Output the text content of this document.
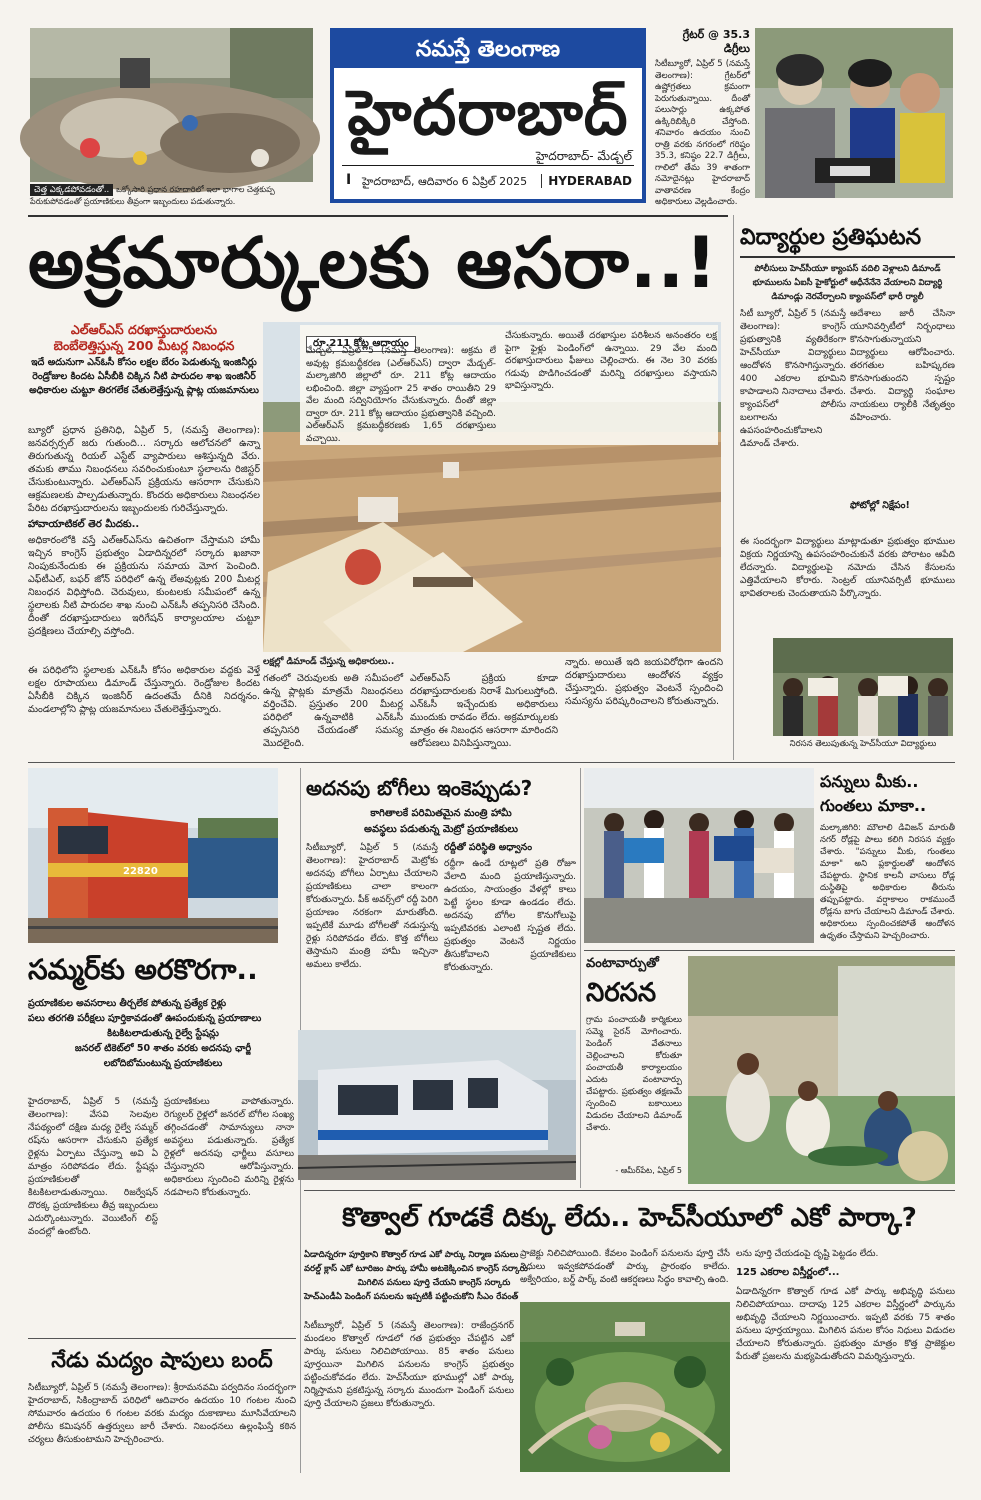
చెత్త ఎక్కడపోవడంతో.. ఒక్కోసారి ప్రధాన రహదారిలో ఇలా భాగాల చెత్తకుప్ప పేరుకుపోవడంతో ప్రయాణికులు తీవ్రంగా ఇబ్బందులు పడుతున్నారు.
నమస్తే తెలంగాణ
హైదరాబాద్
హైదరాబాద్- మేడ్చల్
I హైదరాబాద్, ఆదివారం 6 ఏప్రిల్ 2025	HYDERABAD
గ్రేటర్ @ 35.3 డిగ్రీలు
సిటీబ్యూరో, ఏప్రిల్ 5 (నమస్తే తెలంగాణ): గ్రేటర్‌లో ఉష్ణోగ్రతలు క్రమంగా పెరుగుతున్నాయి. దీంతో పలుసార్లు ఉక్కపోత ఉక్కిరిబిక్కిరి చేస్తోంది. శనివారం ఉదయం నుంచి రాత్రి వరకు నగరంలో గరిష్ఠం 35.3, కనిష్ఠం 22.7 డిగ్రీలు, గాలిలో తేమ 39 శాతంగా నమోదైనట్లు హైదరాబాద్ వాతావరణ కేంద్రం అధికారులు వెల్లడించారు.
అక్రమార్కులకు ఆసరా..!
ఎల్ఆర్ఎస్ దరఖాస్తుదారులను
బెంబేలెత్తిస్తున్న 200 మీటర్ల నిబంధన
ఇదే అదునుగా ఎన్ఓసీ కోసం లక్షల బేరం పెడుతున్న ఇంజినీర్లు
రెండ్రోజుల కిందట ఏసీబీకి చిక్కిన నీటి పారుదల శాఖ ఇంజినీర్
అధికారుల చుట్టూ తిరగలేక చేతులెత్తేస్తున్న ప్లాట్ల యజమానులు
బ్యూరో ప్రధాన ప్రతినిధి, ఏప్రిల్ 5, (నమస్తే తెలంగాణ): జనవర్సర్సల్ జరు గుతుంది... సర్కారు ఆలోచనలో ఉన్నా తిరుగుతున్న రియల్ ఎస్టేట్ వ్యాపారులు ఆశిస్తున్నది వేరు. తమకు తాము నిబంధనలు సవరించుకుంటూ స్థలాలను రిజిస్టర్ చేసుకుంటున్నారు. ఎల్ఆర్ఎస్ ప్రక్రియను ఆసరాగా చేసుకుని ఆక్రమణలకు పాల్పడుతున్నారు. కొందరు అధికారులు నిబంధనల పేరిట దరఖాస్తుదారులను ఇబ్బందులకు గురిచేస్తున్నారు.
హావాయాటికల్ తెర మీదకు..
అధికారంలోకి వస్తే ఎల్ఆర్ఎస్‌ను ఉచితంగా చేస్తామని హామీ ఇచ్చిన కాంగ్రెస్ ప్రభుత్వం ఏడాదిన్నరలో సర్కారు ఖజానా నింపుకునేందుకు ఈ ప్రక్రియను సమాయ మోగ పెంచింది. ఎఫ్‌టీఎల్, బఫర్ జోన్ పరిధిలో ఉన్న లేఅవుట్లకు 200 మీటర్ల నిబంధన విధిస్తోంది. చెరువులు, కుంటలకు సమీపంలో ఉన్న స్థలాలకు నీటి పారుదల శాఖ నుంచి ఎన్ఓసీ తప్పనిసరి చేసింది. దీంతో దరఖాస్తుదారులు ఇరిగేషన్ కార్యాలయాల చుట్టూ ప్రదక్షిణలు చేయాల్సి వస్తోంది.
ఈ పరిధిలోని స్థలాలకు ఎన్ఓసీ కోసం అధికారుల వద్దకు వెళ్తే లక్షల రూపాయలు డిమాండ్ చేస్తున్నారు. రెండ్రోజుల కిందట ఏసీబీకి చిక్కిన ఇంజినీర్ ఉదంతమే దీనికి నిదర్శనం. మండలాల్లోని ప్లాట్ల యజమానులు చేతులెత్తేస్తున్నారు.
రూ.211 కోట్ల ఆదాయం
మేడ్చల్, ఏప్రిల్ 5 (నమస్తే తెలంగాణ): అక్రమ లే అవుట్ల క్రమబద్ధీకరణ (ఎల్ఆర్ఎస్) ద్వారా మేడ్చల్-మల్కాజిగిరి జిల్లాలో రూ. 211 కోట్ల ఆదాయం లభించింది. జిల్లా వ్యాప్తంగా 25 శాతం రాయితీని 29 వేల మంది సద్వినియోగం చేసుకున్నారు. దీంతో జిల్లా ద్వారా రూ. 211 కోట్ల ఆదాయం ప్రభుత్వానికి వచ్చింది. ఎల్ఆర్ఎస్ క్రమబద్ధీకరణకు 1,65 దరఖాస్తులు వచ్చాయి.
చేసుకున్నారు. అయితే దరఖాస్తుల పరిశీలన అనంతరం లక్ష పైగా ఫైళ్లు పెండింగ్‌లో ఉన్నాయి. 29 వేల మంది దరఖాస్తుదారులు ఫీజులు చెల్లించారు. ఈ నెల 30 వరకు గడువు పొడిగించడంతో మరిన్ని దరఖాస్తులు వస్తాయని భావిస్తున్నారు.
లక్షల్లో డిమాండ్ చేస్తున్న అధికారులు..
గతంలో చెరువులకు అతి సమీపంలో ఉన్న ప్లాట్లకు మాత్రమే నిబంధనలు వర్తించేవి. ప్రస్తుతం 200 మీటర్ల పరిధిలో ఉన్నవాటికి ఎన్ఓసీ తప్పనిసరి చేయడంతో సమస్య మొదలైంది.
ఎల్ఆర్ఎస్ ప్రక్రియ కూడా దరఖాస్తుదారులకు నిరాశే మిగులుస్తోంది. ఎన్ఓసీ ఇచ్చేందుకు అధికారులు ముందుకు రావడం లేదు. అక్రమార్కులకు మాత్రం ఈ నిబంధన ఆసరాగా మారిందని ఆరోపణలు వినిపిస్తున్నాయి.
న్నారు. అయితే ఇది జయవిరోధిగా ఉందని దరఖాస్తుదారులు ఆందోళన వ్యక్తం చేస్తున్నారు. ప్రభుత్వం వెంటనే స్పందించి సమస్యను పరిష్కరించాలని కోరుతున్నారు.
విద్యార్థుల ప్రతిఘటన
పోలీసులు హెచ్‌సీయూ క్యాంపస్ వదిలి వెళ్లాలని డిమాండ్ భూములను ఏఐసీ హైకోర్టులో ఆధీనేనేనె వేయాలని విద్యార్థి డిమాండ్లు నెరవేర్చాలని క్యాంపస్‌లో భారీ ర్యాలీ
సిటీ బ్యూరో, ఏప్రిల్ 5 (నమస్తే తెలంగాణ): కాంగ్రెస్ ప్రభుత్వానికి వ్యతిరేకంగా హెచ్‌సీయూ విద్యార్థులు ఆందోళన కొనసాగిస్తున్నారు. 400 ఎకరాల భూమిని కాపాడాలని నినాదాలు చేశారు. క్యాంపస్‌లో పోలీసు బలగాలను ఉపసంహరించుకోవాలని డిమాండ్ చేశారు.
ఆదేశాలు జారీ చేసినా యూనివర్సిటీలో నిర్బంధాలు కొనసాగుతున్నాయని విద్యార్థులు ఆరోపించారు. తరగతుల బహిష్కరణ కొనసాగుతుందని స్పష్టం చేశారు. విద్యార్థి సంఘాల నాయకులు ర్యాలీకి నేతృత్వం వహించారు.
ఫోటోల్లో నిక్షేపం!
ఈ సందర్భంగా విద్యార్థులు మాట్లాడుతూ ప్రభుత్వం భూముల విక్రయ నిర్ణయాన్ని ఉపసంహరించుకునే వరకు పోరాటం ఆపేది లేదన్నారు. విద్యార్థులపై నమోదు చేసిన కేసులను ఎత్తివేయాలని కోరారు. సెంట్రల్ యూనివర్సిటీ భూములు భావితరాలకు చెందుతాయని పేర్కొన్నారు.
నిరసన తెలుపుతున్న హెచ్‌సీయూ విద్యార్థులు
22820
సమ్మర్‌కు అరకొరగా..
ప్రయాణికుల అవసరాలు తీర్చలేక పోతున్న ప్రత్యేక రైళ్లు
పలు తరగతి పరీక్షలు పూర్తికావడంతో ఊపందుకున్న ప్రయాణాలు
కిటకిటలాడుతున్న రైల్వే స్టేషన్లు
జనరల్ టికెట్‌లో 50 శాతం వరకు అదనపు ఛార్జీ
లబోదిబోమంటున్న ప్రయాణికులు
హైదరాబాద్, ఏప్రిల్ 5 (నమస్తే తెలంగాణ): వేసవి సెలవుల నేపథ్యంలో దక్షిణ మధ్య రైల్వే సమ్మర్ రష్‌ను ఆసరాగా చేసుకుని ప్రత్యేక రైళ్లను ఏర్పాటు చేస్తున్నా అవి ఏ మాత్రం సరిపోవడం లేదు. స్టేషన్లు ప్రయాణికులతో కిటకిటలాడుతున్నాయి. రిజర్వేషన్ దొరక్క ప్రయాణికులు తీవ్ర ఇబ్బందులు ఎదుర్కొంటున్నారు. వెయిటింగ్ లిస్ట్ వందల్లో ఉంటోంది.
ప్రయాణికులు వాపోతున్నారు. రెగ్యులర్ రైళ్లలో జనరల్ బోగీల సంఖ్య తగ్గించడంతో సామాన్యులు నానా అవస్థలు పడుతున్నారు. ప్రత్యేక రైళ్లలో అదనపు ఛార్జీలు వసూలు చేస్తున్నారని ఆరోపిస్తున్నారు. అధికారులు స్పందించి మరిన్ని రైళ్లను నడపాలని కోరుతున్నారు.
నేడు మద్యం షాపులు బంద్
సిటీబ్యూరో, ఏప్రిల్ 5 (నమస్తే తెలంగాణ): శ్రీరామనవమి పర్వదినం సందర్భంగా హైదరాబాద్, సికింద్రాబాద్ పరిధిలో ఆదివారం ఉదయం 10 గంటల నుంచి సోమవారం ఉదయం 6 గంటల వరకు మద్యం దుకాణాలు మూసివేయాలని పోలీసు కమిషనర్ ఉత్తర్వులు జారీ చేశారు. నిబంధనలు ఉల్లంఘిస్తే కఠిన చర్యలు తీసుకుంటామని హెచ్చరించారు.
అదనపు బోగీలు ఇంకెప్పుడు?
కాగితాలకే పరిమితమైన మంత్రి హామీ
అవస్థలు పడుతున్న మెట్రో ప్రయాణికులు
సిటీబ్యూరో, ఏప్రిల్ 5 (నమస్తే తెలంగాణ): హైదరాబాద్ మెట్రోకు అదనపు బోగీలు ఏర్పాటు చేయాలని ప్రయాణికులు చాలా కాలంగా కోరుతున్నారు. పీక్ అవర్స్‌లో రద్దీ పెరిగి ప్రయాణం నరకంగా మారుతోంది. ఇప్పటికే మూడు బోగీలతో నడుస్తున్న రైళ్లు సరిపోవడం లేదు. కొత్త బోగీలు తెస్తామని మంత్రి హామీ ఇచ్చినా అమలు కాలేదు.
రద్దీతో పరిస్థితి అధ్వానం
రద్దీగా ఉండే రూట్లలో ప్రతి రోజూ వేలాది మంది ప్రయాణిస్తున్నారు. ఉదయం, సాయంత్రం వేళల్లో కాలు పెట్టే స్థలం కూడా ఉండడం లేదు. అదనపు బోగీల కొనుగోలుపై ఇప్పటివరకు ఎలాంటి స్పష్టత లేదు. ప్రభుత్వం వెంటనే నిర్ణయం తీసుకోవాలని ప్రయాణికులు కోరుతున్నారు.
పన్నులు మీకు..
గుంతలు మాకా..
మల్కాజిగిరి: మౌలాలి డివిజన్ మారుతీ నగర్ రోడ్లపై పాలు కలిగి నిరసన వ్యక్తం చేశారు. "పన్నులు మీకు, గుంతలు మాకా" అని ప్లకార్డులతో ఆందోళన చేపట్టారు. స్థానిక కాలనీ వాసులు రోడ్ల దుస్థితిపై అధికారుల తీరును తప్పుపట్టారు. వర్షాకాలం రాకముందే రోడ్లను బాగు చేయాలని డిమాండ్ చేశారు. అధికారులు స్పందించకపోతే ఆందోళన ఉధృతం చేస్తామని హెచ్చరించారు.
వంటావార్పుతో
నిరసన
గ్రామ పంచాయతీ కార్మికులు సమ్మె సైరన్ మోగించారు. పెండింగ్ వేతనాలు చెల్లించాలని కోరుతూ పంచాయతీ కార్యాలయం ఎదుట వంటావార్పు చేపట్టారు. ప్రభుత్వం తక్షణమే స్పందించి బకాయిలు విడుదల చేయాలని డిమాండ్ చేశారు.
- ఆమీర్‌పేట, ఏప్రిల్ 5
కొత్వాల్ గూడకే దిక్కు లేదు.. హెచ్‌సీయూలో ఎకో పార్కా?
ఏడాదిన్నరగా పూర్తికాని కొత్వాల్ గూడ ఎకో పార్కు నిర్మాణ పనులు
వరల్డ్ క్లాస్ ఎకో టూరిజం పార్కు హామీ అటకెక్కించిన కాంగ్రెస్ సర్కారు
మిగిలిన పనులు పూర్తి చేయని కాంగ్రెస్ సర్కారు
హెచ్‌ఎండీఏ పెండింగ్ పనులను ఇప్పటికీ పట్టించుకోని సీఎం రేవంత్
సిటీబ్యూరో, ఏప్రిల్ 5 (నమస్తే తెలంగాణ): రాజేంద్రనగర్ మండలం కొత్వాల్ గూడలో గత ప్రభుత్వం చేపట్టిన ఎకో పార్కు పనులు నిలిచిపోయాయి. 85 శాతం పనులు పూర్తయినా మిగిలిన పనులను కాంగ్రెస్ ప్రభుత్వం పట్టించుకోవడం లేదు. హెచ్‌సీయూ భూముల్లో ఎకో పార్కు నిర్మిస్తామని ప్రకటిస్తున్న సర్కారు ముందుగా పెండింగ్ పనులు పూర్తి చేయాలని ప్రజలు కోరుతున్నారు.
ప్రాజెక్టు నిలిచిపోయింది. కేవలం పెండింగ్ పనులను పూర్తి చేసే నిధులు ఇవ్వకపోవడంతో పార్కు ప్రారంభం కాలేదు. అక్వేరియం, బర్డ్ పార్క్ వంటి ఆకర్షణలు సిద్ధం కావాల్సి ఉంది.
లను పూర్తి చేయడంపై దృష్టి పెట్టడం లేదు.
125 ఎకరాల విస్తీర్ణంలో...
ఏడాదిన్నరగా కొత్వాల్ గూడ ఎకో పార్కు అభివృద్ధి పనులు నిలిచిపోయాయి. దాదాపు 125 ఎకరాల విస్తీర్ణంలో పార్కును అభివృద్ధి చేయాలని నిర్ణయించారు. ఇప్పటి వరకు 75 శాతం పనులు పూర్తయ్యాయి. మిగిలిన పనుల కోసం నిధులు విడుదల చేయాలని కోరుతున్నారు. ప్రభుత్వం మాత్రం కొత్త ప్రాజెక్టుల పేరుతో ప్రజలను మభ్యపెడుతోందని విమర్శిస్తున్నారు.
